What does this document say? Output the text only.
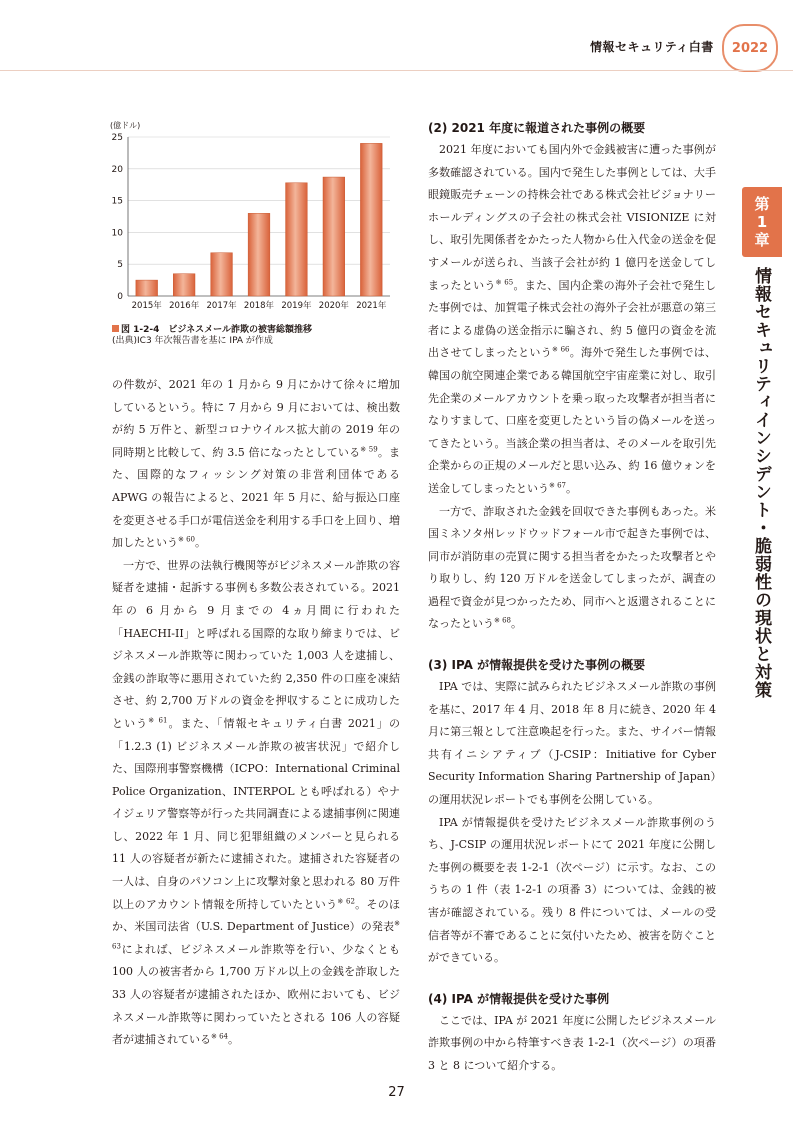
情報セキュリティ白書	2022
第
1
章
情報セキュリティインシデント・脆弱性の現状と対策
0
5
10
15
20
25
(億ドル)
2015年 2016年 2017年 2018年 2019年 2020年 2021年
図 1-2-4　ビジネスメール詐欺の被害総額推移
(出典)IC3 年次報告書を基に IPA が作成

の件数が、2021 年の 1 月から 9 月にかけて徐々に増加しているという。特に 7 月から 9 月においては、検出数が約 5 万件と、新型コロナウイルス拡大前の 2019 年の同時期と比較して、約 3.5 倍になったとしている$^{※ 59}$。また、国際的なフィッシング対策の非営利団体である APWG の報告によると、2021 年 5 月に、給与振込口座を変更させる手口が電信送金を利用する手口を上回り、増加したという$^{※ 60}$。

一方で、世界の法執行機関等がビジネスメール詐欺の容疑者を逮捕・起訴する事例も多数公表されている。2021 年の 6 月から 9 月までの 4ヵ月間に行われた「HAECHI-II」と呼ばれる国際的な取り締まりでは、ビジネスメール詐欺等に関わっていた 1,003 人を逮捕し、金銭の詐取等に悪用されていた約 2,350 件の口座を凍結させ、約 2,700 万ドルの資金を押収することに成功したという$^{※ 61}$。また、「情報セキュリティ白書 2021」の「1.2.3 (1) ビジネスメール詐欺の被害状況」で紹介した、国際刑事警察機構（ICPO：International Criminal Police Organization、INTERPOL とも呼ばれる）やナイジェリア警察等が行った共同調査による逮捕事例に関連し、2022 年 1 月、同じ犯罪組織のメンバーと見られる 11 人の容疑者が新たに逮捕された。逮捕された容疑者の一人は、自身のパソコン上に攻撃対象と思われる 80 万件以上のアカウント情報を所持していたという$^{※ 62}$。そのほか、米国司法省（U.S. Department of Justice）の発表$^{※ 63}$によれば、ビジネスメール詐欺等を行い、少なくとも 100 人の被害者から 1,700 万ドル以上の金銭を詐取した 33 人の容疑者が逮捕されたほか、欧州においても、ビジネスメール詐欺等に関わっていたとされる 106 人の容疑者が逮捕されている$^{※ 64}$。

(2) 2021 年度に報道された事例の概要

2021 年度においても国内外で金銭被害に遭った事例が多数確認されている。国内で発生した事例としては、大手眼鏡販売チェーンの持株会社である株式会社ビジョナリーホールディングスの子会社の株式会社 VISIONIZE に対し、取引先関係者をかたった人物から仕入代金の送金を促すメールが送られ、当該子会社が約 1 億円を送金してしまったという$^{※ 65}$。また、国内企業の海外子会社で発生した事例では、加賀電子株式会社の海外子会社が悪意の第三者による虚偽の送金指示に騙され、約 5 億円の資金を流出させてしまったという$^{※ 66}$。海外で発生した事例では、韓国の航空関連企業である韓国航空宇宙産業に対し、取引先企業のメールアカウントを乗っ取った攻撃者が担当者になりすまして、口座を変更したという旨の偽メールを送ってきたという。当該企業の担当者は、そのメールを取引先企業からの正規のメールだと思い込み、約 16 億ウォンを送金してしまったという$^{※ 67}$。

一方で、詐取された金銭を回収できた事例もあった。米国ミネソタ州レッドウッドフォール市で起きた事例では、同市が消防車の売買に関する担当者をかたった攻撃者とやり取りし、約 120 万ドルを送金してしまったが、調査の過程で資金が見つかったため、同市へと返還されることになったという$^{※ 68}$。

(3) IPA が情報提供を受けた事例の概要

IPA では、実際に試みられたビジネスメール詐欺の事例を基に、2017 年 4 月、2018 年 8 月に続き、2020 年 4 月に第三報として注意喚起を行った。また、サイバー情報共有イニシアティブ（J-CSIP：Initiative for Cyber Security Information Sharing Partnership of Japan）の運用状況レポートでも事例を公開している。

IPA が情報提供を受けたビジネスメール詐欺事例のうち、J-CSIP の運用状況レポートにて 2021 年度に公開した事例の概要を表 1-2-1（次ページ）に示す。なお、このうちの 1 件（表 1-2-1 の項番 3）については、金銭的被害が確認されている。残り 8 件については、メールの受信者等が不審であることに気付いたため、被害を防ぐことができている。

(4) IPA が情報提供を受けた事例

ここでは、IPA が 2021 年度に公開したビジネスメール詐欺事例の中から特筆すべき表 1-2-1（次ページ）の項番 3 と 8 について紹介する。

27
